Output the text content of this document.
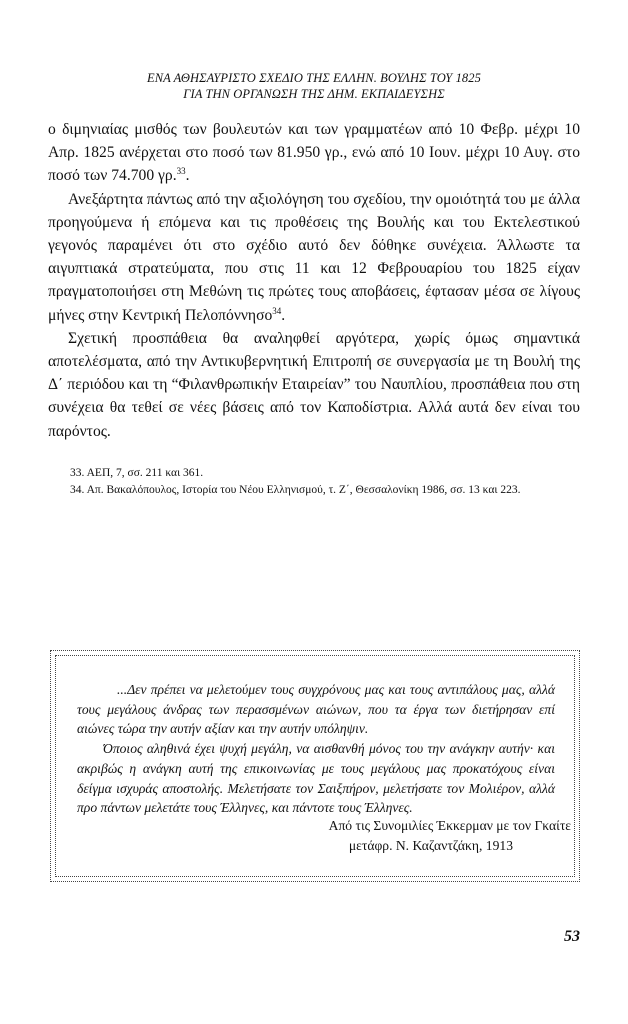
ΕΝΑ ΑΘΗΣΑΥΡΙΣΤΟ ΣΧΕΔΙΟ ΤΗΣ ΕΛΛΗΝ. ΒΟΥΛΗΣ ΤΟΥ 1825
ΓΙΑ ΤΗΝ ΟΡΓΑΝΩΣΗ ΤΗΣ ΔΗΜ. ΕΚΠΑΙΔΕΥΣΗΣ

ο διμηνιαίας μισθός των βουλευτών και των γραμματέων από 10 Φεβρ. μέχρι 10 Απρ. 1825 ανέρχεται στο ποσό των 81.950 γρ., ενώ από 10 Ιουν. μέχρι 10 Αυγ. στο ποσό των 74.700 γρ.$^{33}$.

Ανεξάρτητα πάντως από την αξιολόγηση του σχεδίου, την ομοιότητά του με άλλα προηγούμενα ή επόμενα και τις προθέσεις της Βουλής και του Εκτελεστικού γεγονός παραμένει ότι στο σχέδιο αυτό δεν δόθηκε συνέχεια. Άλλωστε τα αιγυπτιακά στρατεύματα, που στις 11 και 12 Φεβρουαρίου του 1825 είχαν πραγματοποιήσει στη Μεθώνη τις πρώτες τους αποβάσεις, έφτασαν μέσα σε λίγους μήνες στην Κεντρική Πελοπόννησο$^{34}$.

Σχετική προσπάθεια θα αναληφθεί αργότερα, χωρίς όμως σημαντικά αποτελέσματα, από την Αντικυβερνητική Επιτροπή σε συνεργασία με τη Βουλή της Δ΄ περιόδου και τη “Φιλανθρωπικήν Εταιρείαν” του Ναυπλίου, προσπάθεια που στη συνέχεια θα τεθεί σε νέες βάσεις από τον Καποδίστρια. Αλλά αυτά δεν είναι του παρόντος.

33. ΑΕΠ, 7, σσ. 211 και 361.

34. Απ. Βακαλόπουλος, Ιστορία του Νέου Ελληνισμού, τ. Ζ΄, Θεσσαλονίκη 1986, σσ. 13 και 223.

...Δεν πρέπει να μελετούμεν τους συγχρόνους μας και τους αντιπάλους μας, αλλά τους μεγάλους άνδρας των περασσμένων αιώνων, που τα έργα των διετήρησαν επί αιώνες τώρα την αυτήν αξίαν και την αυτήν υπόληψιν.

Όποιος αληθινά έχει ψυχή μεγάλη, να αισθανθή μόνος του την ανάγκην αυτήν· και ακριβώς η ανάγκη αυτή της επικοινωνίας με τους μεγάλους μας προκατόχους είναι δείγμα ισχυράς αποστολής. Μελετήσατε τον Σαιξπήρον, μελετήσατε τον Μολιέρον, αλλά προ πάντων μελετάτε τους Έλληνες, και πάντοτε τους Έλληνες.

Από τις Συνομιλίες Έκκερμαν με τον Γκαίτε
μετάφρ. Ν. Καζαντζάκη, 1913
53
